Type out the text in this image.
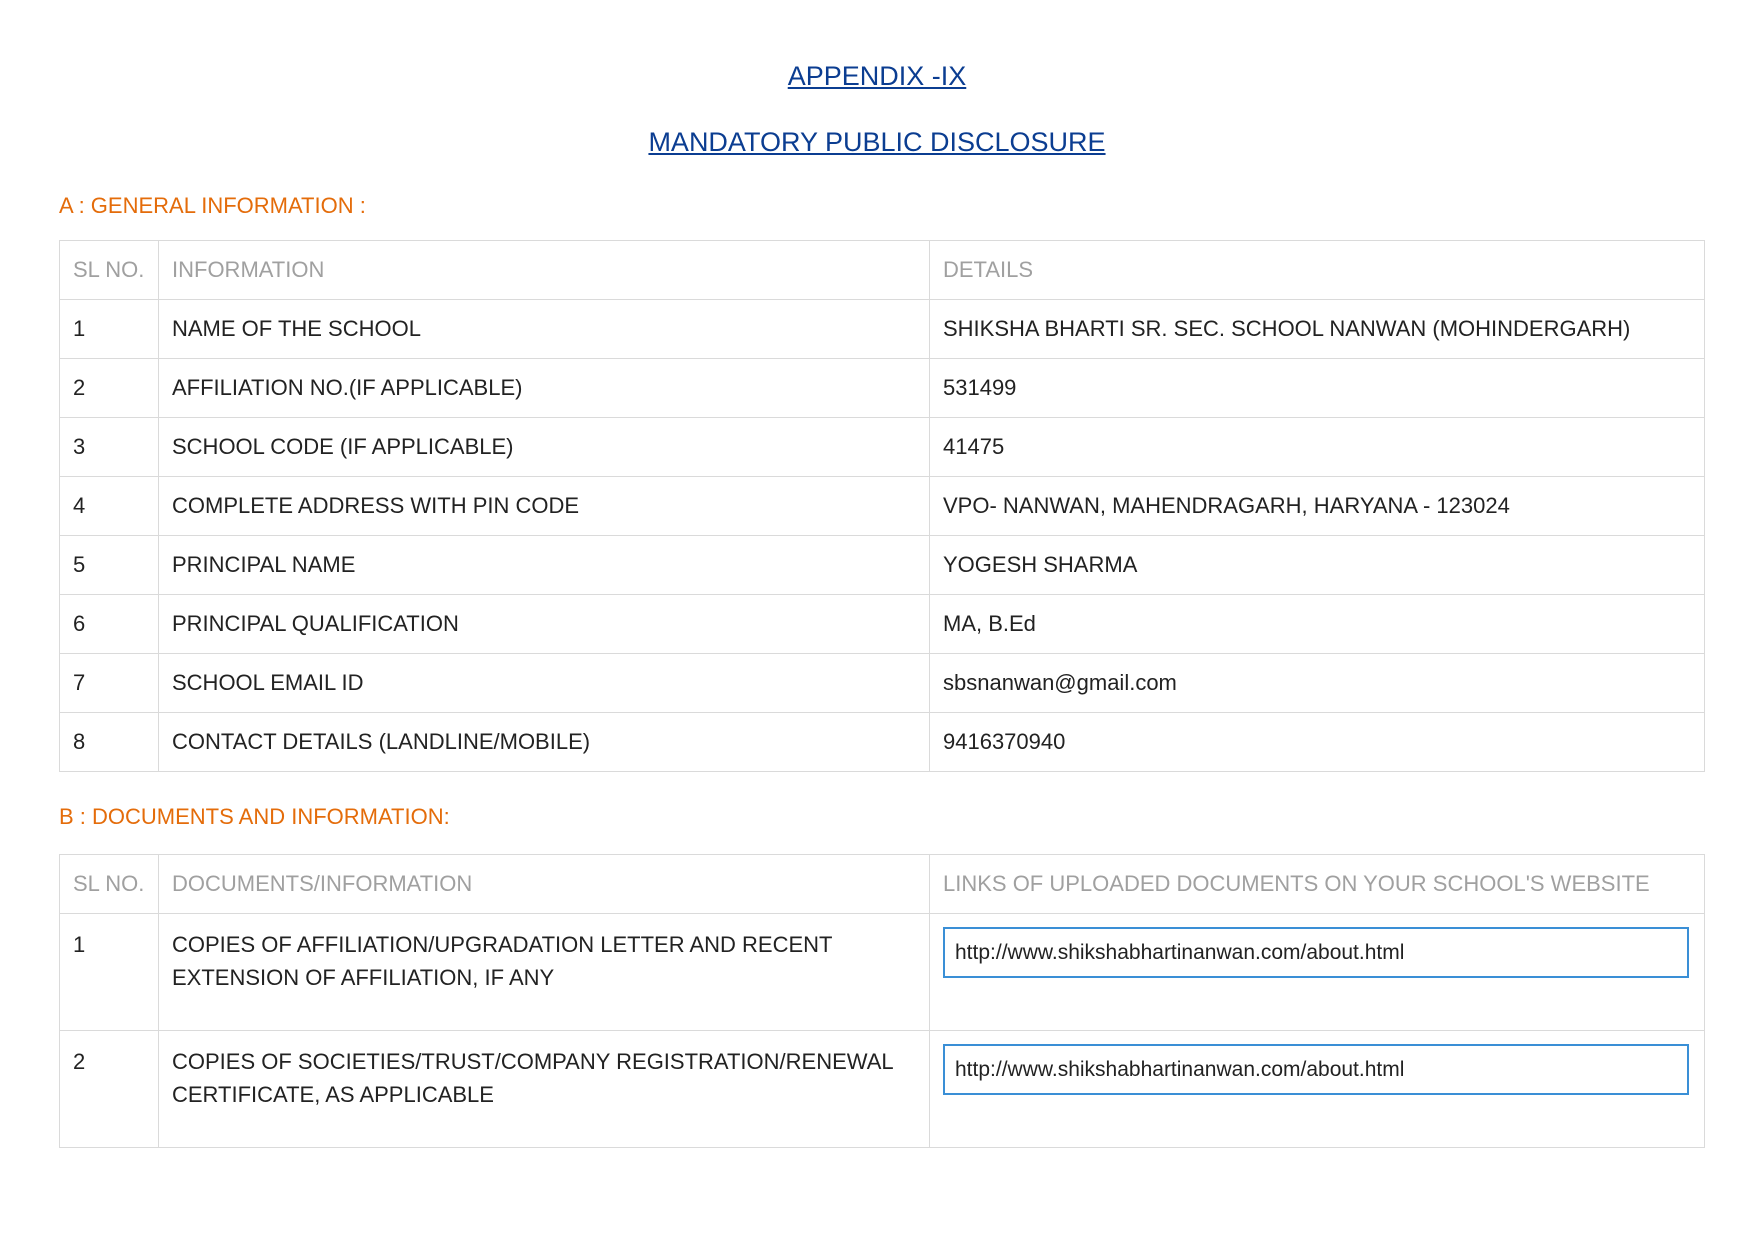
APPENDIX -IX
MANDATORY PUBLIC DISCLOSURE
A : GENERAL INFORMATION :
SL NO.	INFORMATION	DETAILS
1	NAME OF THE SCHOOL	SHIKSHA BHARTI SR. SEC. SCHOOL NANWAN (MOHINDERGARH)
2	AFFILIATION NO.(IF APPLICABLE)	531499
3	SCHOOL CODE (IF APPLICABLE)	41475
4	COMPLETE ADDRESS WITH PIN CODE	VPO- NANWAN, MAHENDRAGARH, HARYANA - 123024
5	PRINCIPAL NAME	YOGESH SHARMA
6	PRINCIPAL QUALIFICATION	MA, B.Ed
7	SCHOOL EMAIL ID	sbsnanwan@gmail.com
8	CONTACT DETAILS (LANDLINE/MOBILE)	9416370940
B : DOCUMENTS AND INFORMATION:
SL NO.	DOCUMENTS/INFORMATION	LINKS OF UPLOADED DOCUMENTS ON YOUR SCHOOL'S WEBSITE
1	COPIES OF AFFILIATION/UPGRADATION LETTER AND RECENT EXTENSION OF AFFILIATION, IF ANY	http://www.shikshabhartinanwan.com/about.html

2	COPIES OF SOCIETIES/TRUST/COMPANY REGISTRATION/RENEWAL CERTIFICATE, AS APPLICABLE	http://www.shikshabhartinanwan.com/about.html
